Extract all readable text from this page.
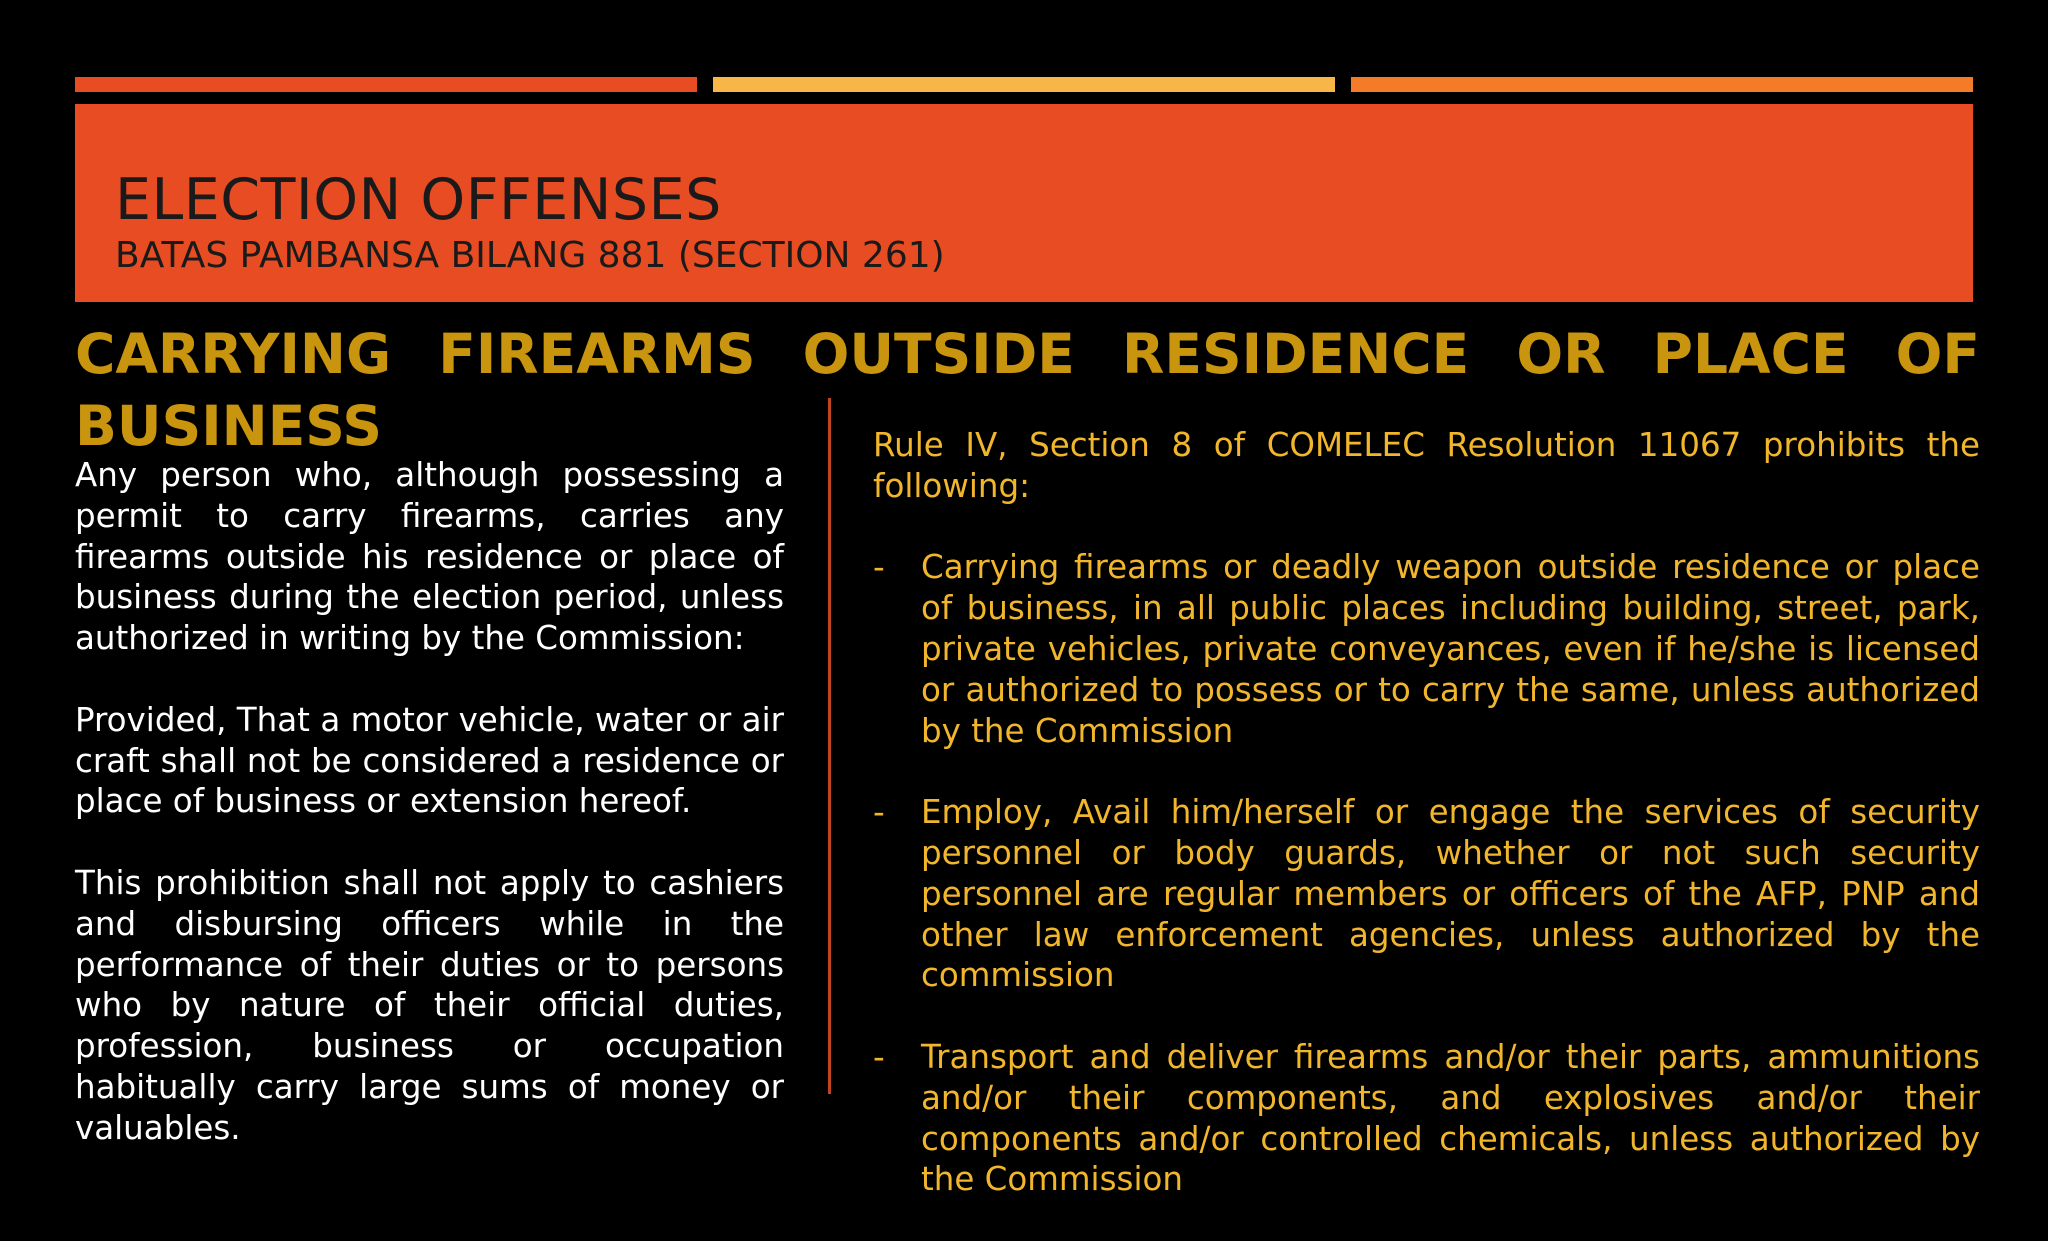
ELECTION OFFENSES
BATAS PAMBANSA BILANG 881 (SECTION 261)
CARRYING FIREARMS OUTSIDE RESIDENCE OR PLACE OF BUSINESS

Any person who, although possessing a permit to carry firearms, carries any firearms outside his residence or place of business during the election period, unless authorized in writing by the Commission:

Provided, That a motor vehicle, water or air craft shall not be considered a residence or place of business or extension hereof.

This prohibition shall not apply to cashiers and disbursing officers while in the performance of their duties or to persons who by nature of their official duties, profession, business or occupation habitually carry large sums of money or valuables.

Rule IV, Section 8 of COMELEC Resolution 11067 prohibits the following:

- Carrying firearms or deadly weapon outside residence or place of business, in all public places including building, street, park, private vehicles, private conveyances, even if he/she is licensed or authorized to possess or to carry the same, unless authorized by the Commission
- Employ, Avail him/herself or engage the services of security personnel or body guards, whether or not such security personnel are regular members or officers of the AFP, PNP and other law enforcement agencies, unless authorized by the commission
- Transport and deliver firearms and/or their parts, ammunitions and/or their components, and explosives and/or their components and/or controlled chemicals, unless authorized by the Commission
